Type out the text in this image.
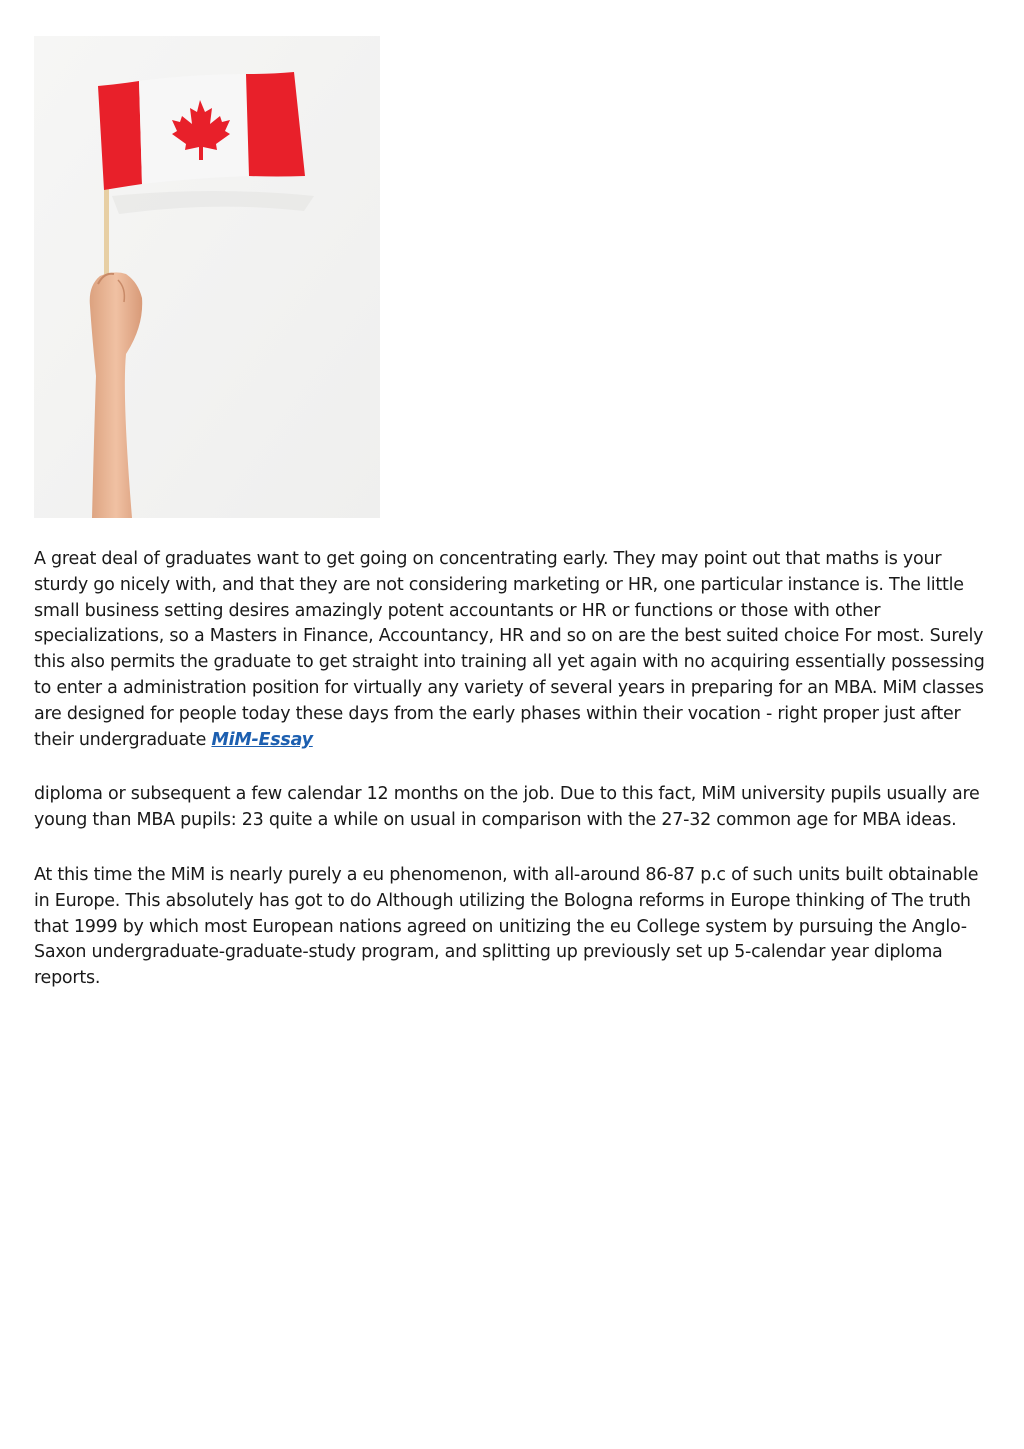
A great deal of graduates want to get going on concentrating early. They may point out that maths is your sturdy go nicely with, and that they are not considering marketing or HR, one particular instance is. The little small business setting desires amazingly potent accountants or HR or functions or those with other specializations, so a Masters in Finance, Accountancy, HR and so on are the best suited choice For most. Surely this also permits the graduate to get straight into training all yet again with no acquiring essentially possessing to enter a administration position for virtually any variety of several years in preparing for an MBA. MiM classes are designed for people today these days from the early phases within their vocation - right proper just after their undergraduate MiM-Essay

diploma or subsequent a few calendar 12 months on the job. Due to this fact, MiM university pupils usually are young than MBA pupils: 23 quite a while on usual in comparison with the 27-32 common age for MBA ideas.

At this time the MiM is nearly purely a eu phenomenon, with all-around 86-87 p.c of such units built obtainable in Europe. This absolutely has got to do Although utilizing the Bologna reforms in Europe thinking of The truth that 1999 by which most European nations agreed on unitizing the eu College system by pursuing the Anglo-Saxon undergraduate-graduate-study program, and splitting up previously set up 5-calendar year diploma reports.
